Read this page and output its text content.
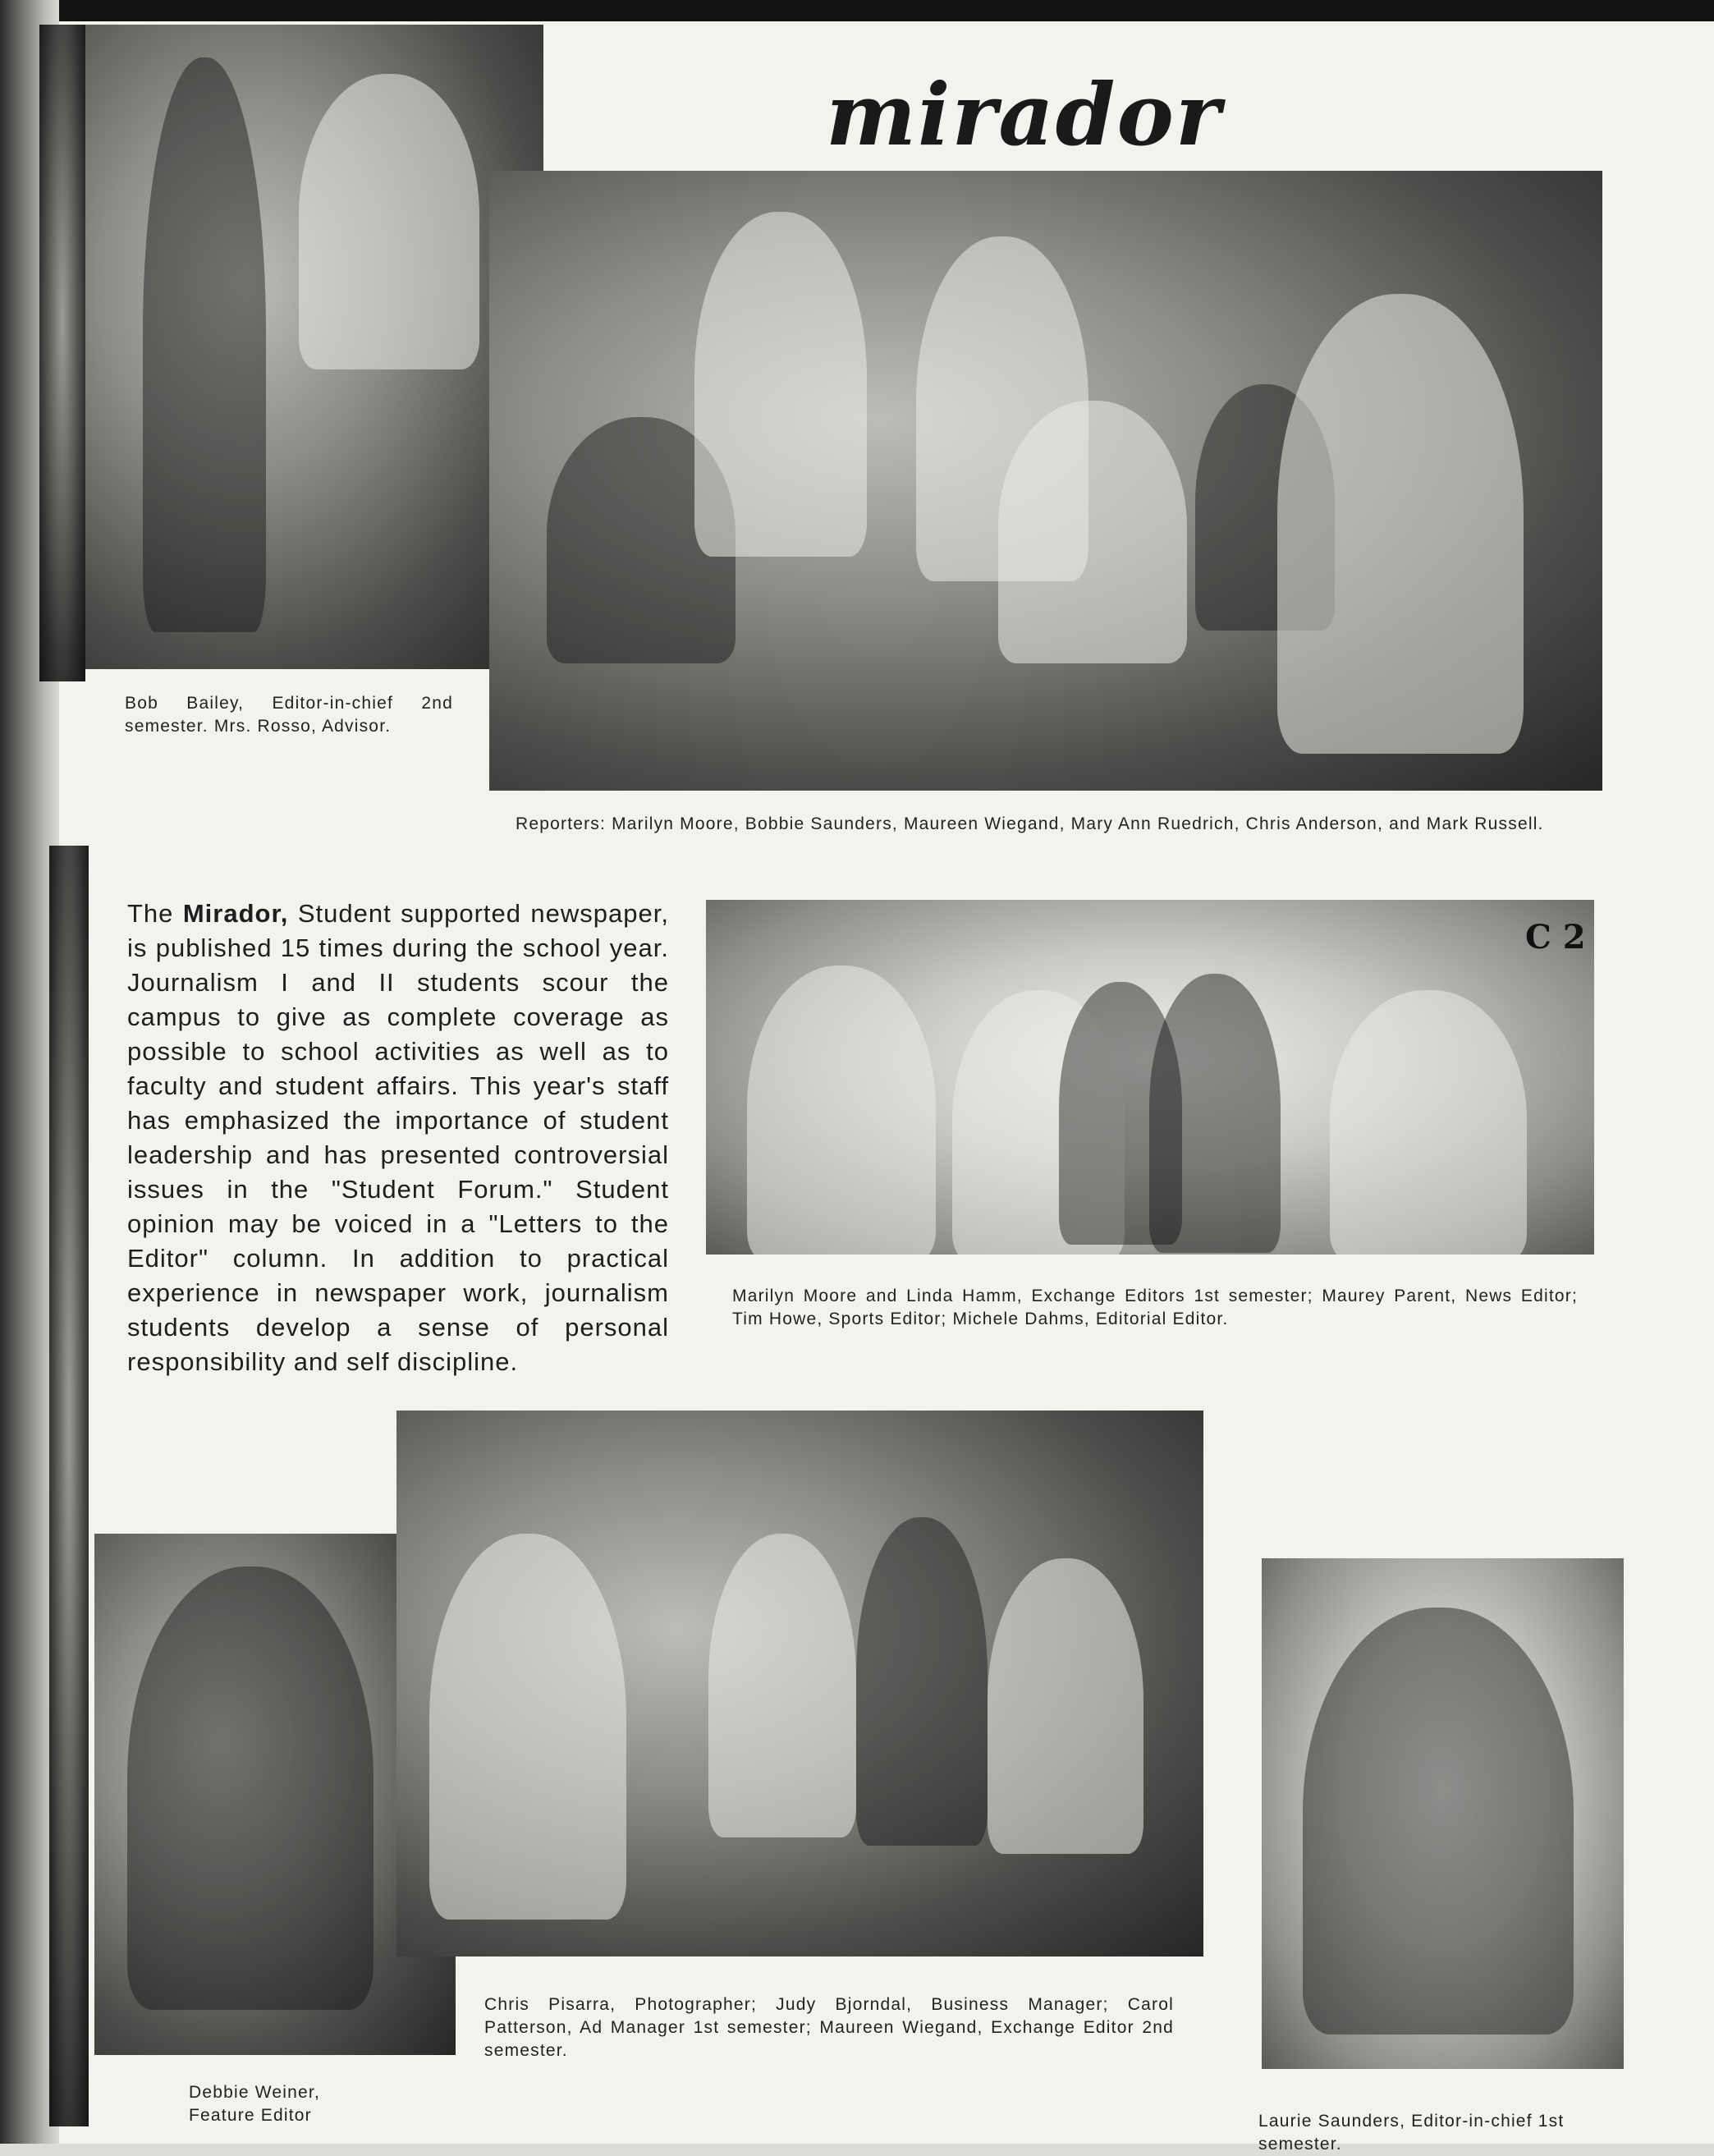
mirador
Bob Bailey, Editor-in-chief 2nd semester. Mrs. Rosso, Advisor.
Reporters: Marilyn Moore, Bobbie Saunders, Maureen Wiegand, Mary Ann Ruedrich, Chris Anderson, and Mark Russell.
The Mirador, Student supported newspaper, is published 15 times during the school year. Journalism I and II students scour the campus to give as complete coverage as possible to school activities as well as to faculty and student affairs. This year's staff has emphasized the importance of student leadership and has presented controversial issues in the "Student Forum." Student opinion may be voiced in a "Letters to the Editor" column. In addition to practical experience in newspaper work, journalism students develop a sense of personal responsibility and self discipline.
C 2
Marilyn Moore and Linda Hamm, Exchange Editors 1st semester; Maurey Parent, News Editor; Tim Howe, Sports Editor; Michele Dahms, Editorial Editor.
Debbie Weiner, Feature Editor
Chris Pisarra, Photographer; Judy Bjorndal, Business Manager; Carol Patterson, Ad Manager 1st semester; Maureen Wiegand, Exchange Editor 2nd semester.
Laurie Saunders, Editor-in-chief 1st semester.
